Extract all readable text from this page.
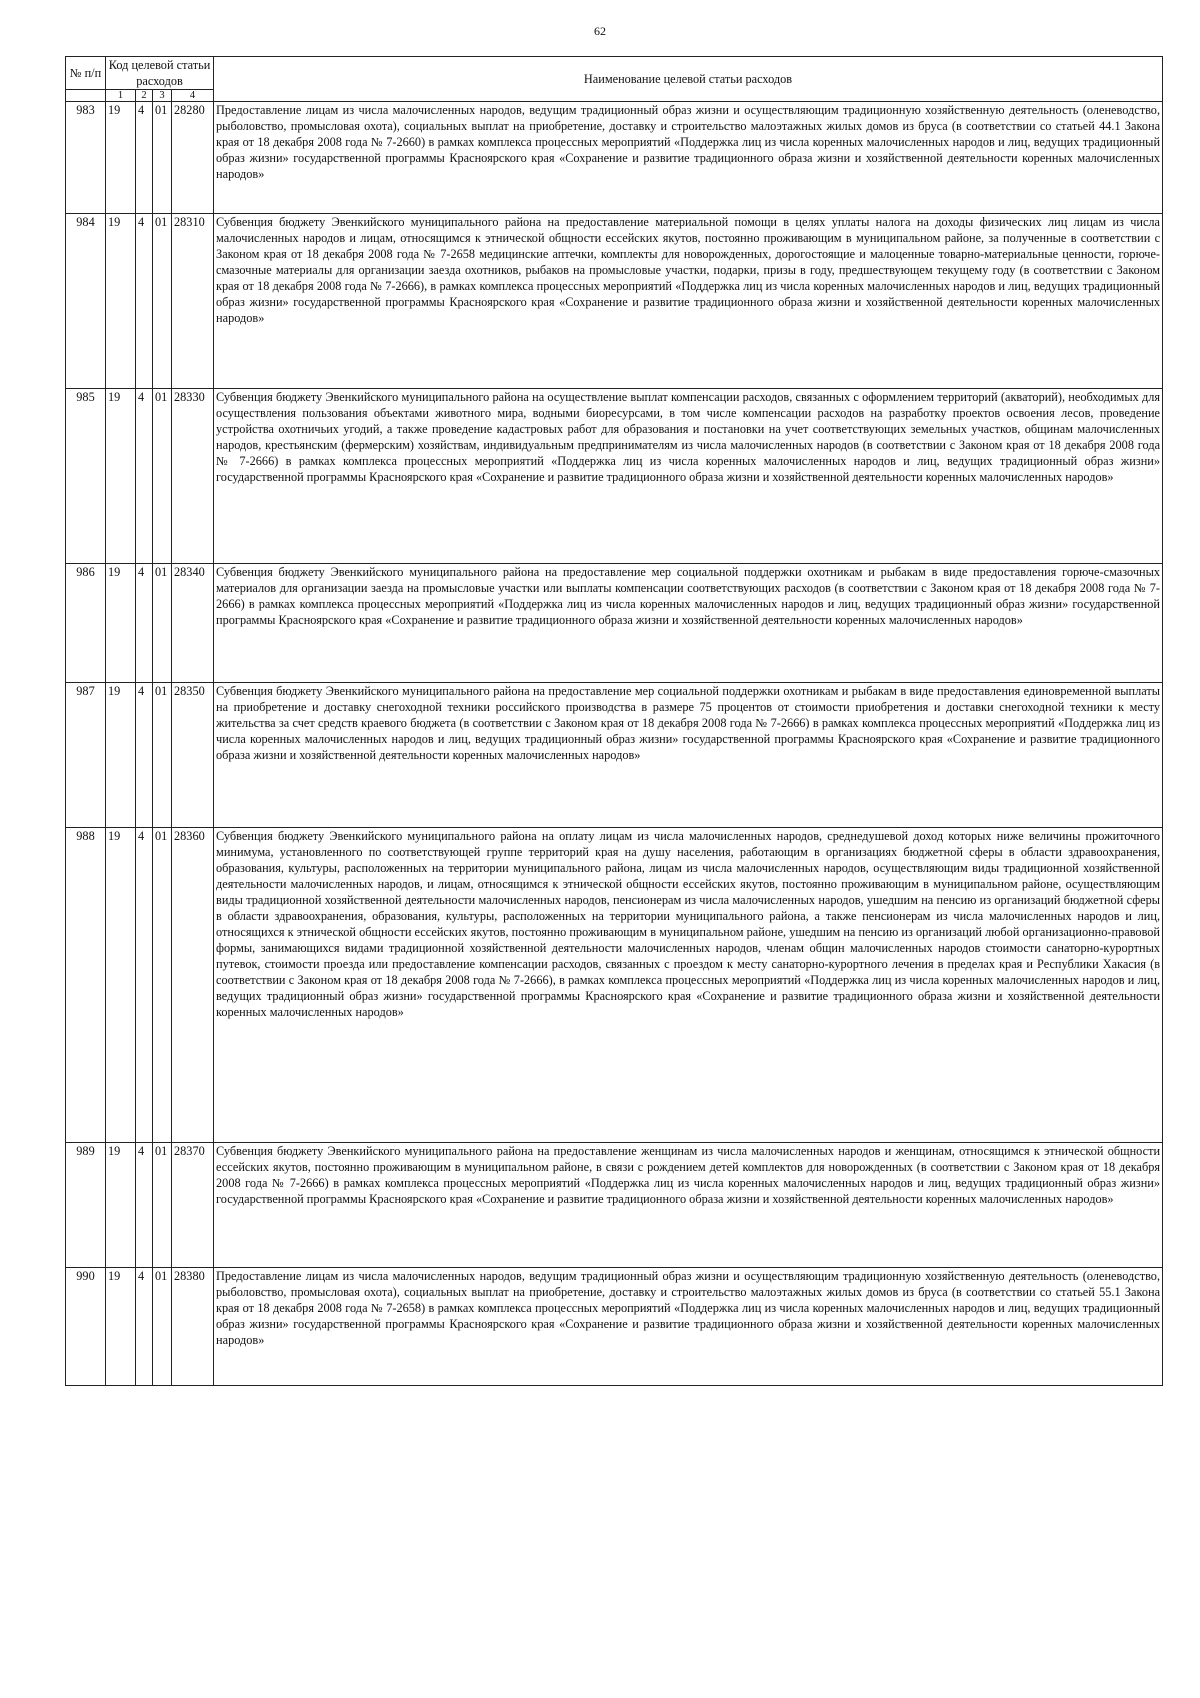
62
№ п/п	Код целевой статьи расходов				Наименование целевой статьи расходов
	1	2	3	4	
983	19	4	01	28280	Предоставление лицам из числа малочисленных народов, ведущим традиционный образ жизни и осуществляющим традиционную хозяйственную деятельность (оленеводство, рыболовство, промысловая охота), социальных выплат на приобретение, доставку и строительство малоэтажных жилых домов из бруса (в соответствии со статьей 44.1 Закона края от 18 декабря 2008 года № 7-2660) в рамках комплекса процессных мероприятий «Поддержка лиц из числа коренных малочисленных народов и лиц, ведущих традиционный образ жизни» государственной программы Красноярского края «Сохранение и развитие традиционного образа жизни и хозяйственной деятельности коренных малочисленных народов»
984	19	4	01	28310	Субвенция бюджету Эвенкийского муниципального района на предоставление материальной помощи в целях уплаты налога на доходы физических лиц лицам из числа малочисленных народов и лицам, относящимся к этнической общности ессейских якутов, постоянно проживающим в муниципальном районе, за полученные в соответствии с Законом края от 18 декабря 2008 года № 7-2658 медицинские аптечки, комплекты для новорожденных, дорогостоящие и малоценные товарно-материальные ценности, горюче-смазочные материалы для организации заезда охотников, рыбаков на промысловые участки, подарки, призы в году, предшествующем текущему году (в соответствии с Законом края от 18 декабря 2008 года № 7-2666), в рамках комплекса процессных мероприятий «Поддержка лиц из числа коренных малочисленных народов и лиц, ведущих традиционный образ жизни» государственной программы Красноярского края «Сохранение и развитие традиционного образа жизни и хозяйственной деятельности коренных малочисленных народов»
985	19	4	01	28330	Субвенция бюджету Эвенкийского муниципального района на осуществление выплат компенсации расходов, связанных с оформлением территорий (акваторий), необходимых для осуществления пользования объектами животного мира, водными биоресурсами, в том числе компенсации расходов на разработку проектов освоения лесов, проведение устройства охотничьих угодий, а также проведение кадастровых работ для образования и постановки на учет соответствующих земельных участков, общинам малочисленных народов, крестьянским (фермерским) хозяйствам, индивидуальным предпринимателям из числа малочисленных народов (в соответствии с Законом края от 18 декабря 2008 года № 7-2666) в рамках комплекса процессных мероприятий «Поддержка лиц из числа коренных малочисленных народов и лиц, ведущих традиционный образ жизни» государственной программы Красноярского края «Сохранение и развитие традиционного образа жизни и хозяйственной деятельности коренных малочисленных народов»
986	19	4	01	28340	Субвенция бюджету Эвенкийского муниципального района на предоставление мер социальной поддержки охотникам и рыбакам в виде предоставления горюче-смазочных материалов для организации заезда на промысловые участки или выплаты компенсации соответствующих расходов (в соответствии с Законом края от 18 декабря 2008 года № 7-2666) в рамках комплекса процессных мероприятий «Поддержка лиц из числа коренных малочисленных народов и лиц, ведущих традиционный образ жизни» государственной программы Красноярского края «Сохранение и развитие традиционного образа жизни и хозяйственной деятельности коренных малочисленных народов»
987	19	4	01	28350	Субвенция бюджету Эвенкийского муниципального района на предоставление мер социальной поддержки охотникам и рыбакам в виде предоставления единовременной выплаты на приобретение и доставку снегоходной техники российского производства в размере 75 процентов от стоимости приобретения и доставки снегоходной техники к месту жительства за счет средств краевого бюджета (в соответствии с Законом края от 18 декабря 2008 года № 7-2666) в рамках комплекса процессных мероприятий «Поддержка лиц из числа коренных малочисленных народов и лиц, ведущих традиционный образ жизни» государственной программы Красноярского края «Сохранение и развитие традиционного образа жизни и хозяйственной деятельности коренных малочисленных народов»
988	19	4	01	28360	Субвенция бюджету Эвенкийского муниципального района на оплату лицам из числа малочисленных народов, среднедушевой доход которых ниже величины прожиточного минимума, установленного по соответствующей группе территорий края на душу населения, работающим в организациях бюджетной сферы в области здравоохранения, образования, культуры, расположенных на территории муниципального района, лицам из числа малочисленных народов, осуществляющим виды традиционной хозяйственной деятельности малочисленных народов, и лицам, относящимся к этнической общности ессейских якутов, постоянно проживающим в муниципальном районе, осуществляющим виды традиционной хозяйственной деятельности малочисленных народов, пенсионерам из числа малочисленных народов, ушедшим на пенсию из организаций бюджетной сферы в области здравоохранения, образования, культуры, расположенных на территории муниципального района, а также пенсионерам из числа малочисленных народов и лиц, относящихся к этнической общности ессейских якутов, постоянно проживающим в муниципальном районе, ушедшим на пенсию из организаций любой организационно-правовой формы, занимающихся видами традиционной хозяйственной деятельности малочисленных народов, членам общин малочисленных народов стоимости санаторно-курортных путевок, стоимости проезда или предоставление компенсации расходов, связанных с проездом к месту санаторно-курортного лечения в пределах края и Республики Хакасия (в соответствии с Законом края от 18 декабря 2008 года № 7-2666), в рамках комплекса процессных мероприятий «Поддержка лиц из числа коренных малочисленных народов и лиц, ведущих традиционный образ жизни» государственной программы Красноярского края «Сохранение и развитие традиционного образа жизни и хозяйственной деятельности коренных малочисленных народов»
989	19	4	01	28370	Субвенция бюджету Эвенкийского муниципального района на предоставление женщинам из числа малочисленных народов и женщинам, относящимся к этнической общности ессейских якутов, постоянно проживающим в муниципальном районе, в связи с рождением детей комплектов для новорожденных (в соответствии с Законом края от 18 декабря 2008 года № 7-2666) в рамках комплекса процессных мероприятий «Поддержка лиц из числа коренных малочисленных народов и лиц, ведущих традиционный образ жизни» государственной программы Красноярского края «Сохранение и развитие традиционного образа жизни и хозяйственной деятельности коренных малочисленных народов»
990	19	4	01	28380	Предоставление лицам из числа малочисленных народов, ведущим традиционный образ жизни и осуществляющим традиционную хозяйственную деятельность (оленеводство, рыболовство, промысловая охота), социальных выплат на приобретение, доставку и строительство малоэтажных жилых домов из бруса (в соответствии со статьей 55.1 Закона края от 18 декабря 2008 года № 7-2658) в рамках комплекса процессных мероприятий «Поддержка лиц из числа коренных малочисленных народов и лиц, ведущих традиционный образ жизни» государственной программы Красноярского края «Сохранение и развитие традиционного образа жизни и хозяйственной деятельности коренных малочисленных народов»
